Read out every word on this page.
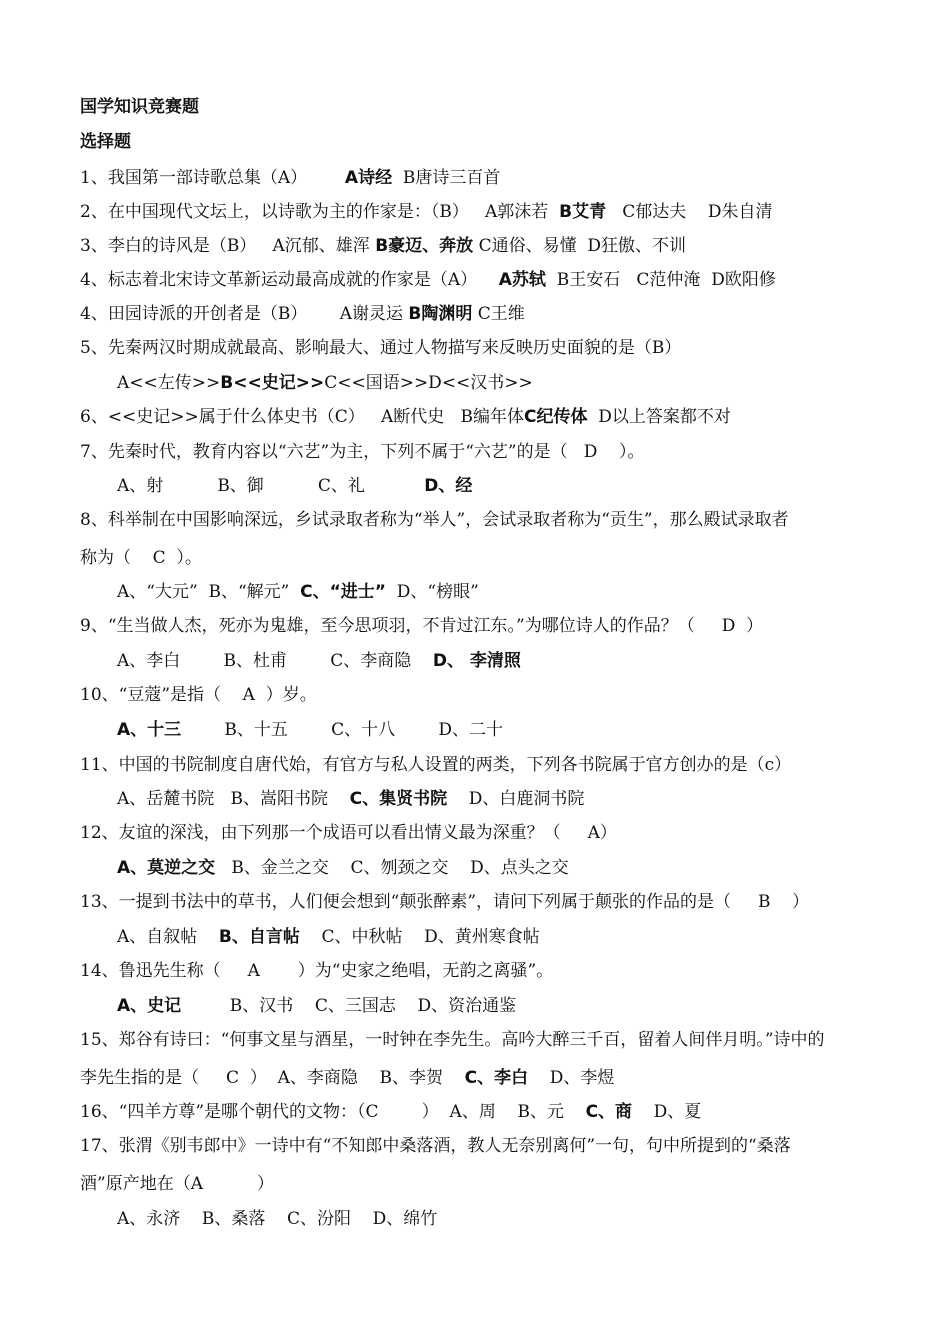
国学知识竞赛题
选择题
1、我国第一部诗歌总集（A）       A诗经  B唐诗三百首
2、在中国现代文坛上，以诗歌为主的作家是：（B）   A郭沫若  B艾青   C郁达夫    D朱自清
3、李白的诗风是（B）   A沉郁、雄浑 B豪迈、奔放 C通俗、易懂  D狂傲、不训
4、标志着北宋诗文革新运动最高成就的作家是（A）    A苏轼  B王安石   C范仲淹  D欧阳修
4、田园诗派的开创者是（B）      A谢灵运 B陶渊明 C王维
5、先秦两汉时期成就最高、影响最大、通过人物描写来反映历史面貌的是（B）
A<<左传>>B<<史记>>C<<国语>>D<<汉书>>
6、<<史记>>属于什么体史书（C）   A断代史   B编年体C纪传体  D以上答案都不对
7、先秦时代，教育内容以“六艺”为主，下列不属于“六艺”的是（   D    ）。
A、射          B、御          C、礼           D、经
8、科举制在中国影响深远，乡试录取者称为“举人”，会试录取者称为“贡生”，那么殿试录取者
称为（    C  ）。
A、“大元”  B、“解元”  C、“进士”  D、“榜眼”
9、“生当做人杰，死亦为鬼雄，至今思项羽，不肯过江东。”为哪位诗人的作品？（     D  ）
A、李白        B、杜甫        C、李商隐    D、 李清照
10、“豆蔻”是指（    A  ）岁。
A、十三        B、十五        C、十八        D、二十
11、中国的书院制度自唐代始，有官方与私人设置的两类，下列各书院属于官方创办的是（c）
A、岳麓书院   B、嵩阳书院    C、集贤书院    D、白鹿洞书院
12、友谊的深浅，由下列那一个成语可以看出情义最为深重？（     A）
A、莫逆之交   B、金兰之交    C、刎颈之交    D、点头之交
13、一提到书法中的草书，人们便会想到“颠张醉素”，请问下列属于颠张的作品的是（     B    ）
A、自叙帖    B、自言帖    C、中秋帖    D、黄州寒食帖
14、鲁迅先生称（     A       ）为“史家之绝唱，无韵之离骚”。
A、史记         B、汉书    C、三国志    D、资治通鉴
15、郑谷有诗曰：“何事文星与酒星，一时钟在李先生。高吟大醉三千百，留着人间伴月明。”诗中的
李先生指的是（     C  ）  A、李商隐    B、李贺    C、李白    D、李煜
16、“四羊方尊”是哪个朝代的文物：（C        ）  A、周    B、元    C、商    D、夏
17、张渭《别韦郎中》一诗中有“不知郎中桑落酒，教人无奈别离何”一句，句中所提到的“桑落
酒”原产地在（A          ）
A、永济    B、桑落    C、汾阳    D、绵竹
